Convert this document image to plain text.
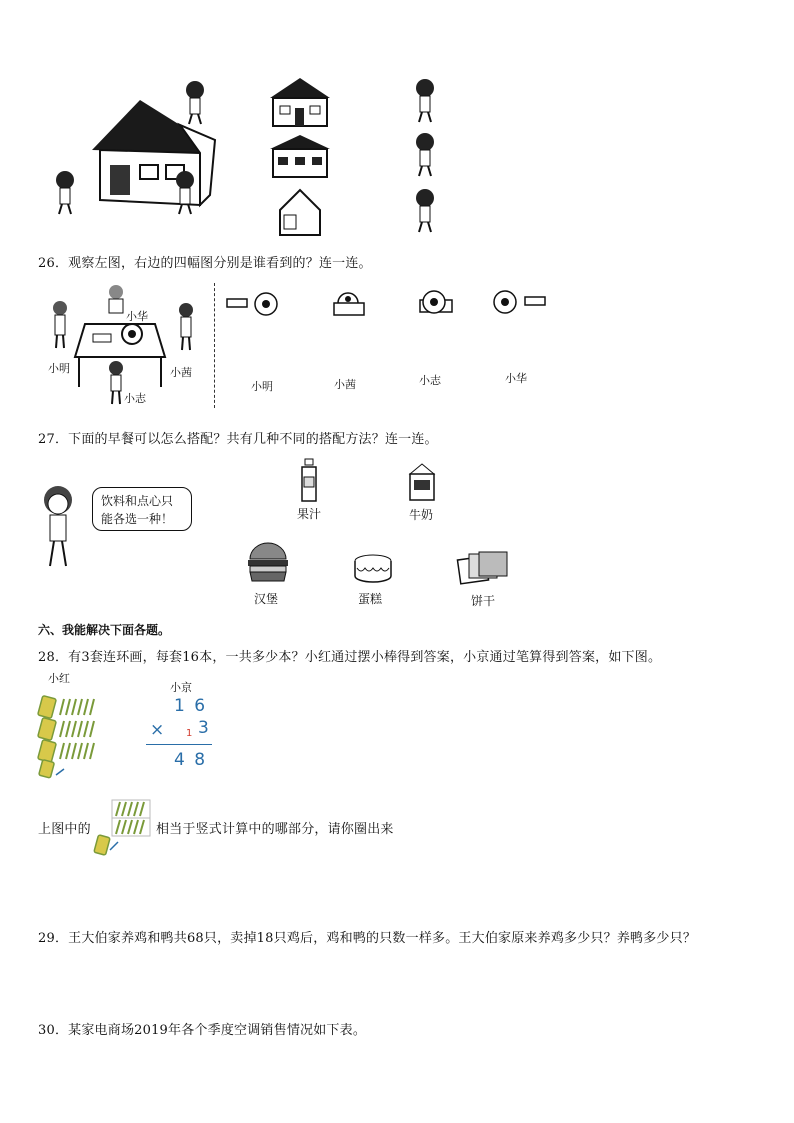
26．观察左图，右边的四幅图分别是谁看到的？连一连。
小明
小华
小茜
小志
小明	小茜	小志	小华
27．下面的早餐可以怎么搭配？共有几种不同的搭配方法？连一连。
饮料和点心只
能各选一种！	果汁	牛奶
汉堡	蛋糕	饼干
六、我能解决下面各题。
28．有3套连环画，每套16本，一共多少本？小红通过摆小棒得到答案，小京通过笔算得到答案，如下图。
小红
小京
1 6
× 1 3
4 8
上图中的	相当于竖式计算中的哪部分，请你圈出来
29．王大伯家养鸡和鸭共68只，卖掉18只鸡后，鸡和鸭的只数一样多。王大伯家原来养鸡多少只？养鸭多少只？
30．某家电商场2019年各个季度空调销售情况如下表。
